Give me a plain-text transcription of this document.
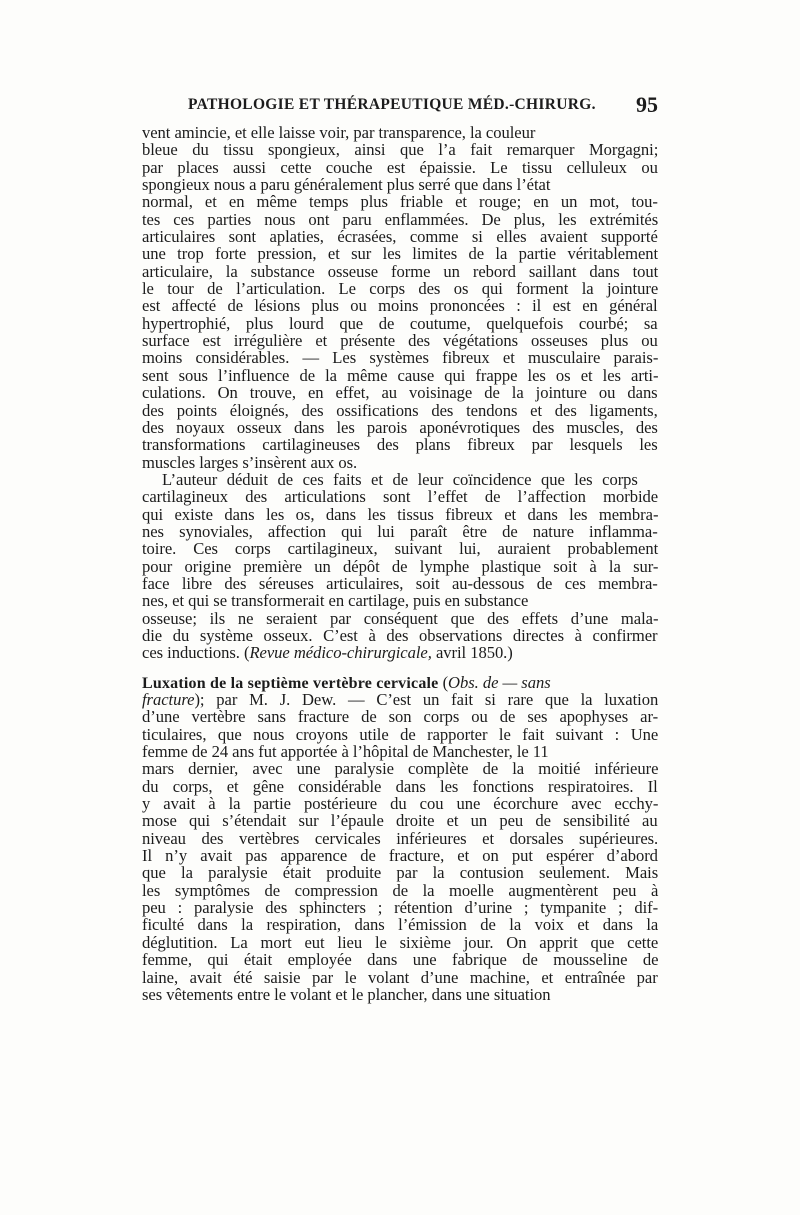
PATHOLOGIE ET THÉRAPEUTIQUE MÉD.-CHIRURG. 95
vent amincie, et elle laisse voir, par transparence, la couleur
bleue du tissu spongieux, ainsi que l’a fait remarquer Morgagni;
par places aussi cette couche est épaissie. Le tissu celluleux ou
spongieux nous a paru généralement plus serré que dans l’état
normal, et en même temps plus friable et rouge; en un mot, tou-
tes ces parties nous ont paru enflammées. De plus, les extrémités
articulaires sont aplaties, écrasées, comme si elles avaient supporté
une trop forte pression, et sur les limites de la partie véritablement
articulaire, la substance osseuse forme un rebord saillant dans tout
le tour de l’articulation. Le corps des os qui forment la jointure
est affecté de lésions plus ou moins prononcées : il est en général
hypertrophié, plus lourd que de coutume, quelquefois courbé; sa
surface est irrégulière et présente des végétations osseuses plus ou
moins considérables. — Les systèmes fibreux et musculaire parais-
sent sous l’influence de la même cause qui frappe les os et les arti-
culations. On trouve, en effet, au voisinage de la jointure ou dans
des points éloignés, des ossifications des tendons et des ligaments,
des noyaux osseux dans les parois aponévrotiques des muscles, des
transformations cartilagineuses des plans fibreux par lesquels les
muscles larges s’insèrent aux os.
L’auteur déduit de ces faits et de leur coïncidence que les corps
cartilagineux des articulations sont l’effet de l’affection morbide
qui existe dans les os, dans les tissus fibreux et dans les membra-
nes synoviales, affection qui lui paraît être de nature inflamma-
toire. Ces corps cartilagineux, suivant lui, auraient probablement
pour origine première un dépôt de lymphe plastique soit à la sur-
face libre des séreuses articulaires, soit au-dessous de ces membra-
nes, et qui se transformerait en cartilage, puis en substance
osseuse; ils ne seraient par conséquent que des effets d’une mala-
die du système osseux. C’est à des observations directes à confirmer
ces inductions. (Revue médico-chirurgicale, avril 1850.)
Luxation de la septième vertèbre cervicale (Obs. de — sans
fracture); par M. J. Dew. — C’est un fait si rare que la luxation
d’une vertèbre sans fracture de son corps ou de ses apophyses ar-
ticulaires, que nous croyons utile de rapporter le fait suivant : Une
femme de 24 ans fut apportée à l’hôpital de Manchester, le 11
mars dernier, avec une paralysie complète de la moitié inférieure
du corps, et gêne considérable dans les fonctions respiratoires. Il
y avait à la partie postérieure du cou une écorchure avec ecchy-
mose qui s’étendait sur l’épaule droite et un peu de sensibilité au
niveau des vertèbres cervicales inférieures et dorsales supérieures.
Il n’y avait pas apparence de fracture, et on put espérer d’abord
que la paralysie était produite par la contusion seulement. Mais
les symptômes de compression de la moelle augmentèrent peu à
peu : paralysie des sphincters ; rétention d’urine ; tympanite ; dif-
ficulté dans la respiration, dans l’émission de la voix et dans la
déglutition. La mort eut lieu le sixième jour. On apprit que cette
femme, qui était employée dans une fabrique de mousseline de
laine, avait été saisie par le volant d’une machine, et entraînée par
ses vêtements entre le volant et le plancher, dans une situation
